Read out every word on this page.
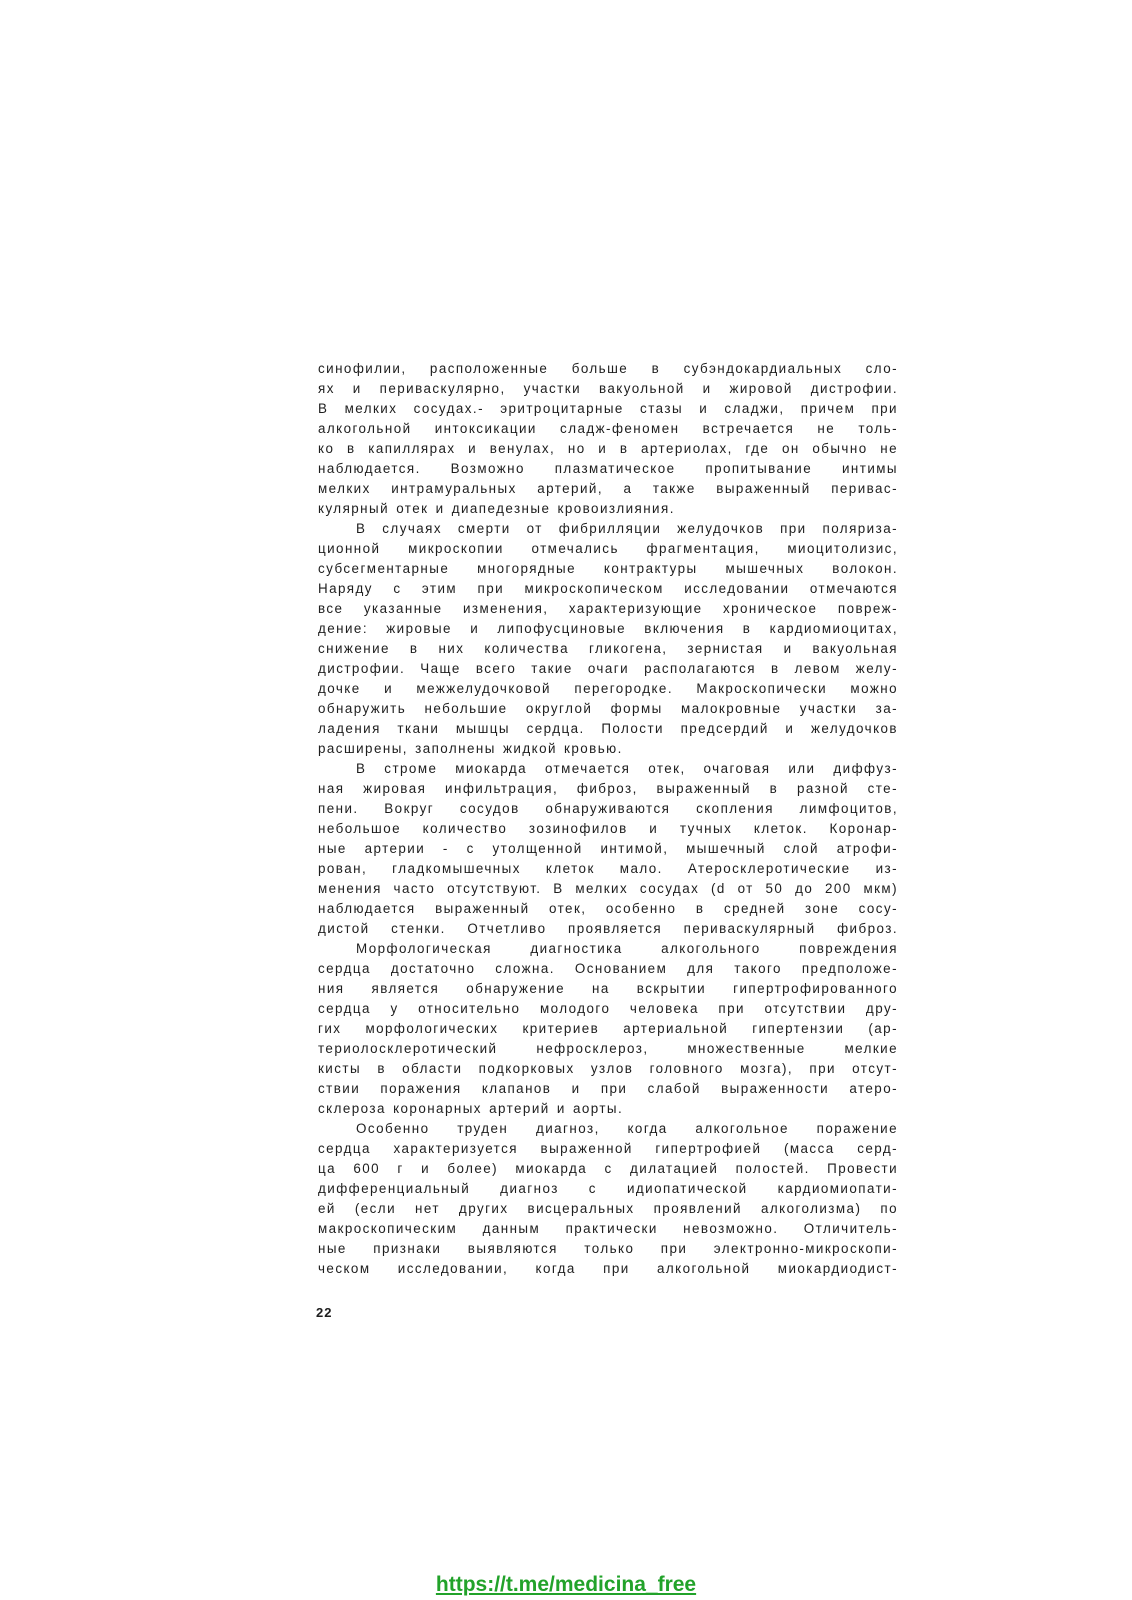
синофилии, расположенные больше в субэндокардиальных сло-
ях и периваскулярно, участки вакуольной и жировой дистрофии.
В мелких сосудах.- эритроцитарные стазы и сладжи, причем при
алкогольной интоксикации сладж-феномен встречается не толь-
ко в капиллярах и венулах, но и в артериолах, где он обычно не
наблюдается. Возможно плазматическое пропитывание интимы
мелких интрамуральных артерий, а также выраженный перивас-
кулярный отек и диапедезные кровоизлияния.
В случаях смерти от фибрилляции желудочков при поляриза-
ционной микроскопии отмечались фрагментация, миоцитолизис,
субсегментарные многорядные контрактуры мышечных волокон.
Наряду с этим при микроскопическом исследовании отмечаются
все указанные изменения, характеризующие хроническое повреж-
дение: жировые и липофусциновые включения в кардиомиоцитах,
снижение в них количества гликогена, зернистая и вакуольная
дистрофии. Чаще всего такие очаги располагаются в левом желу-
дочке и межжелудочковой перегородке. Макроскопически можно
обнаружить небольшие округлой формы малокровные участки за-
ладения ткани мышцы сердца. Полости предсердий и желудочков
расширены, заполнены жидкой кровью.
В строме миокарда отмечается отек, очаговая или диффуз-
ная жировая инфильтрация, фиброз, выраженный в разной сте-
пени. Вокруг сосудов обнаруживаются скопления лимфоцитов,
небольшое количество зозинофилов и тучных клеток. Коронар-
ные артерии - с утолщенной интимой, мышечный слой атрофи-
рован, гладкомышечных клеток мало. Атеросклеротические из-
менения часто отсутствуют. В мелких сосудах (d от 50 до 200 мкм)
наблюдается выраженный отек, особенно в средней зоне сосу-
дистой стенки. Отчетливо проявляется периваскулярный фиброз.
Морфологическая диагностика алкогольного повреждения
сердца достаточно сложна. Основанием для такого предположе-
ния является обнаружение на вскрытии гипертрофированного
сердца у относительно молодого человека при отсутствии дру-
гих морфологических критериев артериальной гипертензии (ар-
териолосклеротический нефросклероз, множественные мелкие
кисты в области подкорковых узлов головного мозга), при отсут-
ствии поражения клапанов и при слабой выраженности атеро-
склероза коронарных артерий и аорты.
Особенно труден диагноз, когда алкогольное поражение
сердца характеризуется выраженной гипертрофией (масса серд-
ца 600 г и более) миокарда с дилатацией полостей. Провести
дифференциальный диагноз с идиопатической кардиомиопати-
ей (если нет других висцеральных проявлений алкоголизма) по
макроскопическим данным практически невозможно. Отличитель-
ные признаки выявляются только при электронно-микроскопи-
ческом исследовании, когда при алкогольной миокардиодист-
22
https://t.me/medicina_free
